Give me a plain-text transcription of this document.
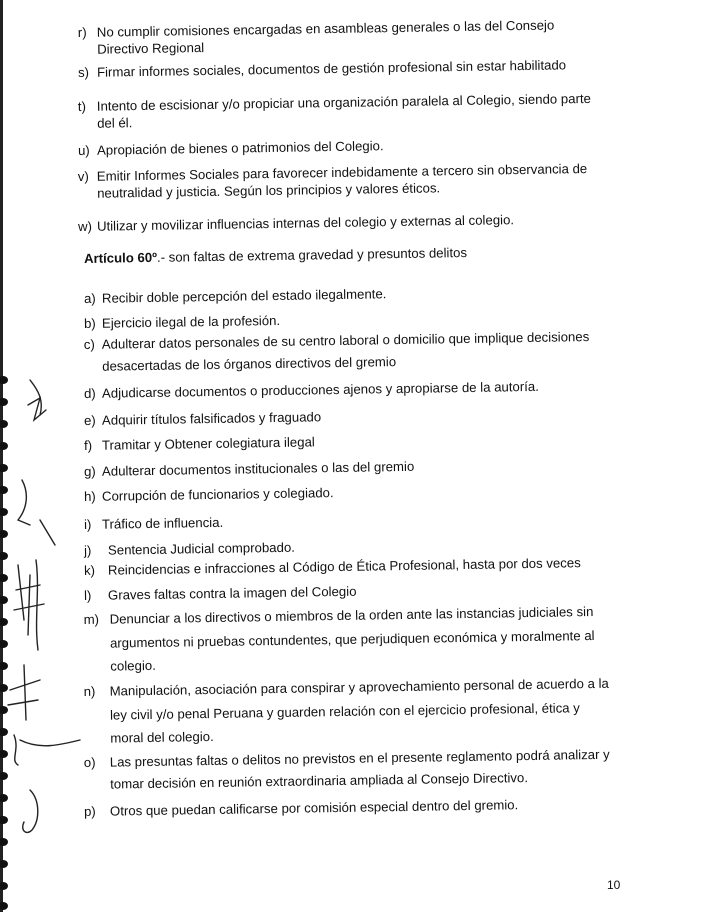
r) No cumplir comisiones encargadas en asambleas generales o las del Consejo
Directivo Regional
s) Firmar informes sociales, documentos de gestión profesional sin estar habilitado
t) Intento de escisionar y/o propiciar una organización paralela al Colegio, siendo parte
del él.
u) Apropiación de bienes o patrimonios del Colegio.
v) Emitir Informes Sociales para favorecer indebidamente a tercero sin observancia de
neutralidad y justicia. Según los principios y valores éticos.
w) Utilizar y movilizar influencias internas del colegio y externas al colegio.
Artículo 60º.- son faltas de extrema gravedad y presuntos delitos
a) Recibir doble percepción del estado ilegalmente.
b) Ejercicio ilegal de la profesión.
c) Adulterar datos personales de su centro laboral o domicilio que implique decisiones
desacertadas de los órganos directivos del gremio
d) Adjudicarse documentos o producciones ajenos y apropiarse de la autoría.
e) Adquirir títulos falsificados y fraguado
f) Tramitar y Obtener colegiatura ilegal
g) Adulterar documentos institucionales o las del gremio
h) Corrupción de funcionarios y colegiado.
i) Tráfico de influencia.
j) Sentencia Judicial comprobado.
k) Reincidencias e infracciones al Código de Ética Profesional, hasta por dos veces
l) Graves faltas contra la imagen del Colegio
m) Denunciar a los directivos o miembros de la orden ante las instancias judiciales sin
argumentos ni pruebas contundentes, que perjudiquen económica y moralmente al
colegio.
n) Manipulación, asociación para conspirar y aprovechamiento personal de acuerdo a la
ley civil y/o penal Peruana y guarden relación con el ejercicio profesional, ética y
moral del colegio.
o) Las presuntas faltas o delitos no previstos en el presente reglamento podrá analizar y
tomar decisión en reunión extraordinaria ampliada al Consejo Directivo.
p) Otros que puedan calificarse por comisión especial dentro del gremio.
10
